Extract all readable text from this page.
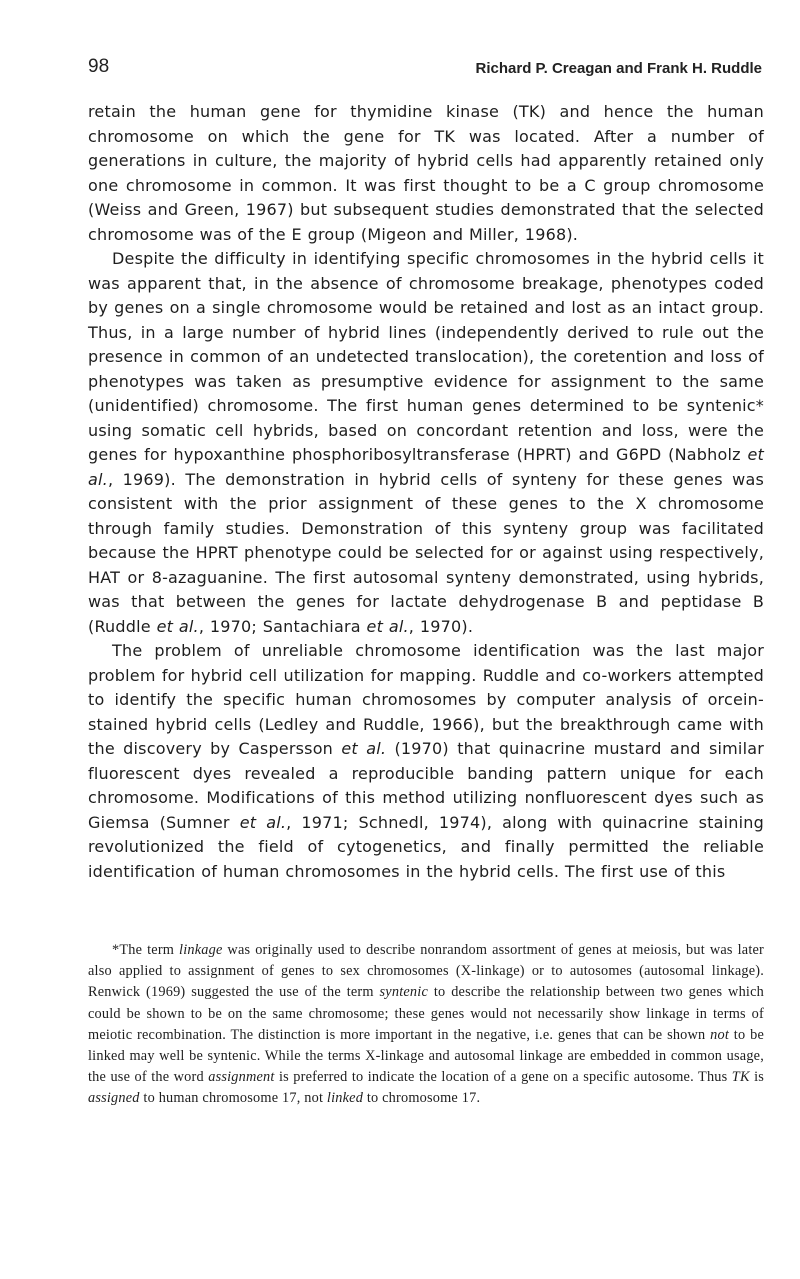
98	Richard P. Creagan and Frank H. Ruddle

retain the human gene for thymidine kinase (TK) and hence the human chromosome on which the gene for TK was located. After a number of generations in culture, the majority of hybrid cells had apparently retained only one chromosome in common. It was first thought to be a C group chromosome (Weiss and Green, 1967) but subsequent studies demonstrated that the selected chromosome was of the E group (Migeon and Miller, 1968).

Despite the difficulty in identifying specific chromosomes in the hybrid cells it was apparent that, in the absence of chromosome breakage, phenotypes coded by genes on a single chromosome would be retained and lost as an intact group. Thus, in a large number of hybrid lines (independently derived to rule out the presence in common of an undetected translocation), the coretention and loss of phenotypes was taken as presumptive evidence for assignment to the same (unidentified) chromosome. The first human genes determined to be syntenic* using somatic cell hybrids, based on concordant retention and loss, were the genes for hypoxanthine phosphoribosyltransferase (HPRT) and G6PD (Nabholz et al., 1969). The demonstration in hybrid cells of synteny for these genes was consistent with the prior assignment of these genes to the X chromosome through family studies. Demonstration of this synteny group was facilitated because the HPRT phenotype could be selected for or against using respectively, HAT or 8-azaguanine. The first autosomal synteny demonstrated, using hybrids, was that between the genes for lactate dehydrogenase B and peptidase B (Ruddle et al., 1970; Santachiara et al., 1970).

The problem of unreliable chromosome identification was the last major problem for hybrid cell utilization for mapping. Ruddle and co-workers attempted to identify the specific human chromosomes by computer analysis of orcein-stained hybrid cells (Ledley and Ruddle, 1966), but the breakthrough came with the discovery by Caspersson et al. (1970) that quinacrine mustard and similar fluorescent dyes revealed a reproducible banding pattern unique for each chromosome. Modifications of this method utilizing nonfluorescent dyes such as Giemsa (Sumner et al., 1971; Schnedl, 1974), along with quinacrine staining revolutionized the field of cytogenetics, and finally permitted the reliable identification of human chromosomes in the hybrid cells. The first use of this

*The term linkage was originally used to describe nonrandom assortment of genes at meiosis, but was later also applied to assignment of genes to sex chromosomes (X-linkage) or to autosomes (autosomal linkage). Renwick (1969) suggested the use of the term syntenic to describe the relationship between two genes which could be shown to be on the same chromosome; these genes would not necessarily show linkage in terms of meiotic recombination. The distinction is more important in the negative, i.e. genes that can be shown not to be linked may well be syntenic. While the terms X-linkage and autosomal linkage are embedded in common usage, the use of the word assignment is preferred to indicate the location of a gene on a specific autosome. Thus TK is assigned to human chromosome 17, not linked to chromosome 17.
